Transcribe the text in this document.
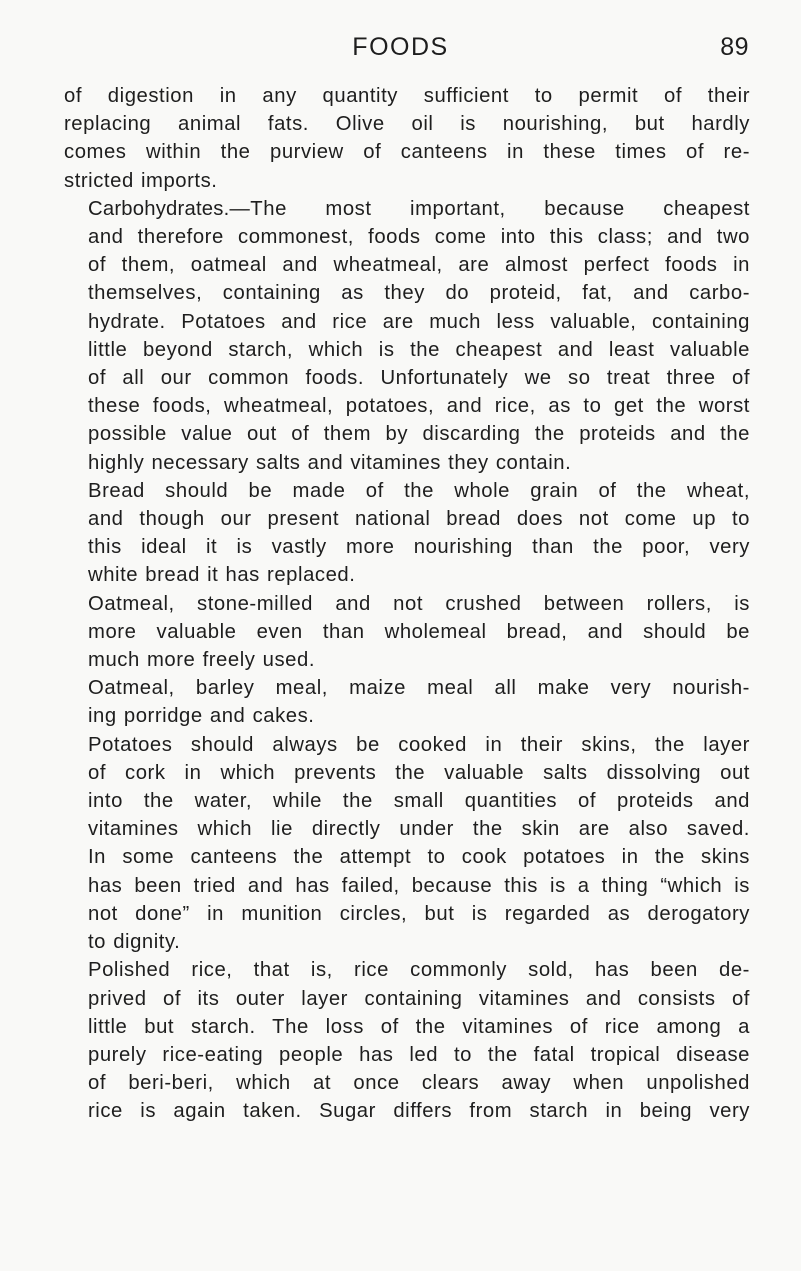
FOODS	89

of digestion in any quantity sufficient to permit of their
replacing animal fats. Olive oil is nourishing, but hardly
comes within the purview of canteens in these times of re-
stricted imports.

Carbohydrates.—The most important, because cheapest
and therefore commonest, foods come into this class; and two
of them, oatmeal and wheatmeal, are almost perfect foods in
themselves, containing as they do proteid, fat, and carbo-
hydrate. Potatoes and rice are much less valuable, containing
little beyond starch, which is the cheapest and least valuable
of all our common foods. Unfortunately we so treat three of
these foods, wheatmeal, potatoes, and rice, as to get the worst
possible value out of them by discarding the proteids and the
highly necessary salts and vitamines they contain.

Bread should be made of the whole grain of the wheat,
and though our present national bread does not come up to
this ideal it is vastly more nourishing than the poor, very
white bread it has replaced.

Oatmeal, stone-milled and not crushed between rollers, is
more valuable even than wholemeal bread, and should be
much more freely used.

Oatmeal, barley meal, maize meal all make very nourish-
ing porridge and cakes.

Potatoes should always be cooked in their skins, the layer
of cork in which prevents the valuable salts dissolving out
into the water, while the small quantities of proteids and
vitamines which lie directly under the skin are also saved.
In some canteens the attempt to cook potatoes in the skins
has been tried and has failed, because this is a thing “which is
not done” in munition circles, but is regarded as derogatory
to dignity.

Polished rice, that is, rice commonly sold, has been de-
prived of its outer layer containing vitamines and consists of
little but starch. The loss of the vitamines of rice among a
purely rice-eating people has led to the fatal tropical disease
of beri-beri, which at once clears away when unpolished
rice is again taken. Sugar differs from starch in being very
